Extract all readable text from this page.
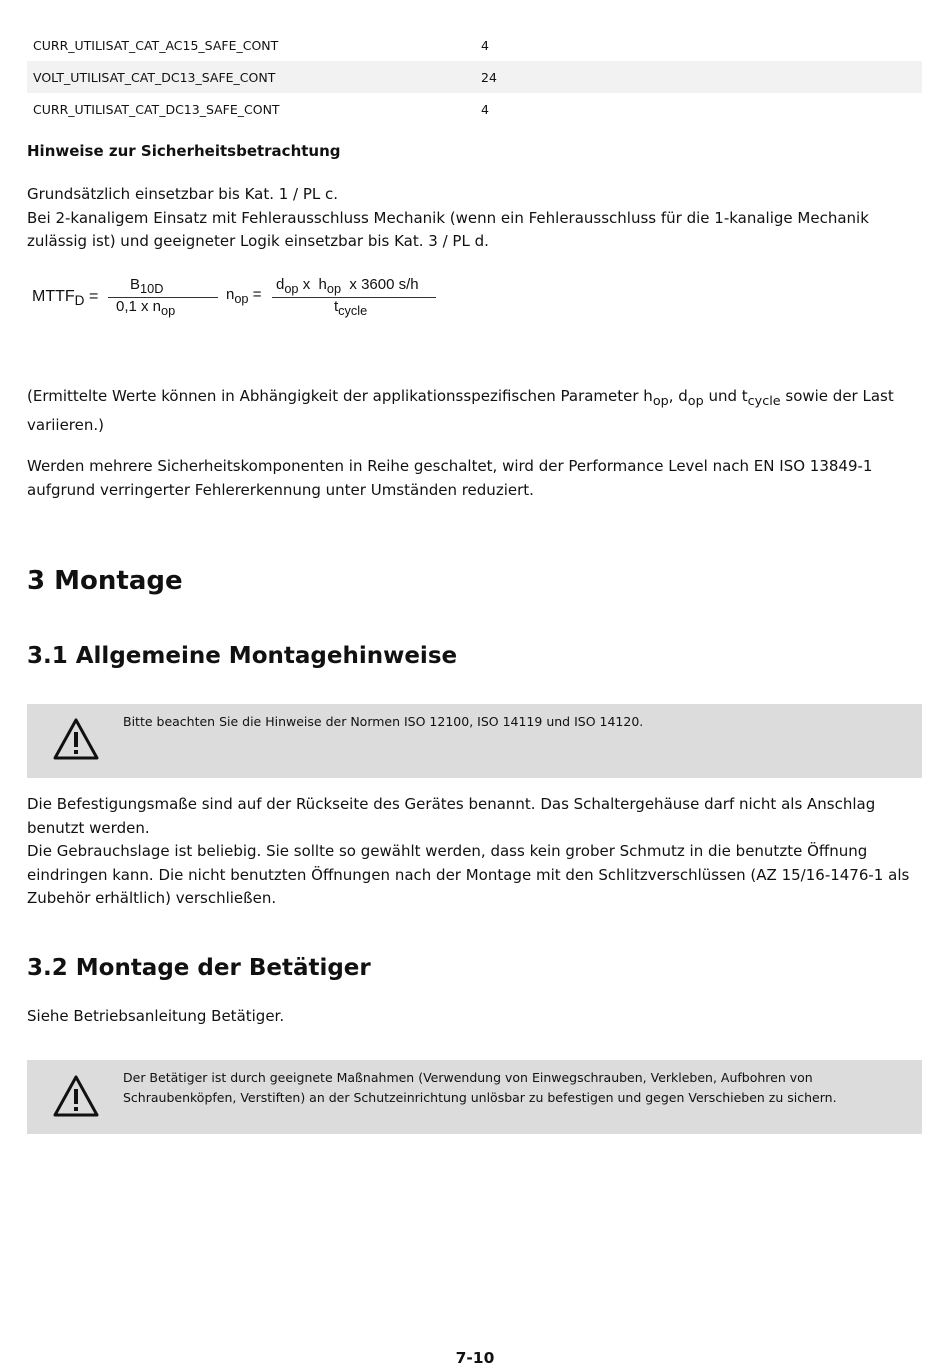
CURR_UTILISAT_CAT_AC15_SAFE_CONT	4
VOLT_UTILISAT_CAT_DC13_SAFE_CONT	24
CURR_UTILISAT_CAT_DC13_SAFE_CONT	4
Hinweise zur Sicherheitsbetrachtung

Grundsätzlich einsetzbar bis Kat. 1 / PL c.

Bei 2-kanaligem Einsatz mit Fehlerausschluss Mechanik (wenn ein Fehlerausschluss für die 1-kanalige Mechanik zulässig ist) und geeigneter Logik einsetzbar bis Kat. 3 / PL d.

$MTTF_D$ =
$B_{10D}$
0,1 x $n_{op}$
$n_{op}$ =
$d_{op}$ x  $h_{op}$  x 3600 s/h
$t_{cycle}$
(Ermittelte Werte können in Abhängigkeit der applikationsspezifischen Parameter $h_{op}$, $d_{op}$ und $t_{cycle}$ sowie der Last variieren.)
Werden mehrere Sicherheitskomponenten in Reihe geschaltet, wird der Performance Level nach EN ISO 13849-1 aufgrund verringerter Fehlererkennung unter Umständen reduziert.
3 Montage
3.1 Allgemeine Montagehinweise
Bitte beachten Sie die Hinweise der Normen ISO 12100, ISO 14119 und ISO 14120.

Die Befestigungsmaße sind auf der Rückseite des Gerätes benannt. Das Schaltergehäuse darf nicht als Anschlag benutzt werden.

Die Gebrauchslage ist beliebig. Sie sollte so gewählt werden, dass kein grober Schmutz in die benutzte Öffnung eindringen kann. Die nicht benutzten Öffnungen nach der Montage mit den Schlitzverschlüssen (AZ 15/16-1476-1 als Zubehör erhältlich) verschließen.

3.2 Montage der Betätiger
Siehe Betriebsanleitung Betätiger.
Der Betätiger ist durch geeignete Maßnahmen (Verwendung von Einwegschrauben, Verkleben, Aufbohren von Schraubenköpfen, Verstiften) an der Schutzeinrichtung unlösbar zu befestigen und gegen Verschieben zu sichern.
7-10
